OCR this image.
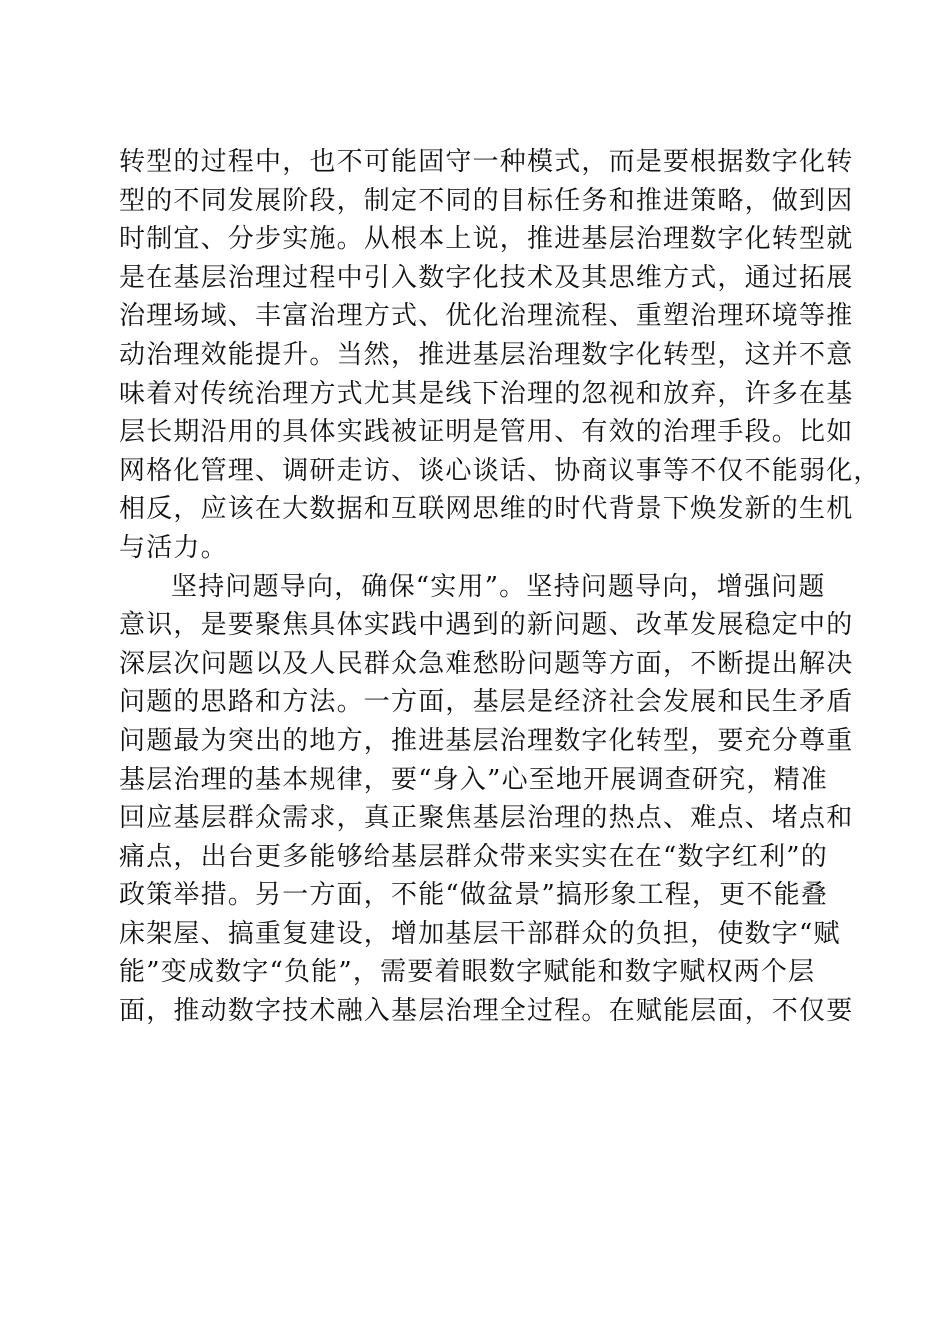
转型的过程中，也不可能固守一种模式，而是要根据数字化转
型的不同发展阶段，制定不同的目标任务和推进策略，做到因
时制宜、分步实施。从根本上说，推进基层治理数字化转型就
是在基层治理过程中引入数字化技术及其思维方式，通过拓展
治理场域、丰富治理方式、优化治理流程、重塑治理环境等推
动治理效能提升。当然，推进基层治理数字化转型，这并不意
味着对传统治理方式尤其是线下治理的忽视和放弃，许多在基
层长期沿用的具体实践被证明是管用、有效的治理手段。比如
网格化管理、调研走访、谈心谈话、协商议事等不仅不能弱化，
相反，应该在大数据和互联网思维的时代背景下焕发新的生机
与活力。
坚持问题导向，确保“实用”。坚持问题导向，增强问题
意识，是要聚焦具体实践中遇到的新问题、改革发展稳定中的
深层次问题以及人民群众急难愁盼问题等方面，不断提出解决
问题的思路和方法。一方面，基层是经济社会发展和民生矛盾
问题最为突出的地方，推进基层治理数字化转型，要充分尊重
基层治理的基本规律，要“身入”心至地开展调查研究，精准
回应基层群众需求，真正聚焦基层治理的热点、难点、堵点和
痛点，出台更多能够给基层群众带来实实在在“数字红利”的
政策举措。另一方面，不能“做盆景”搞形象工程，更不能叠
床架屋、搞重复建设，增加基层干部群众的负担，使数字“赋
能”变成数字“负能”，需要着眼数字赋能和数字赋权两个层
面，推动数字技术融入基层治理全过程。在赋能层面，不仅要
